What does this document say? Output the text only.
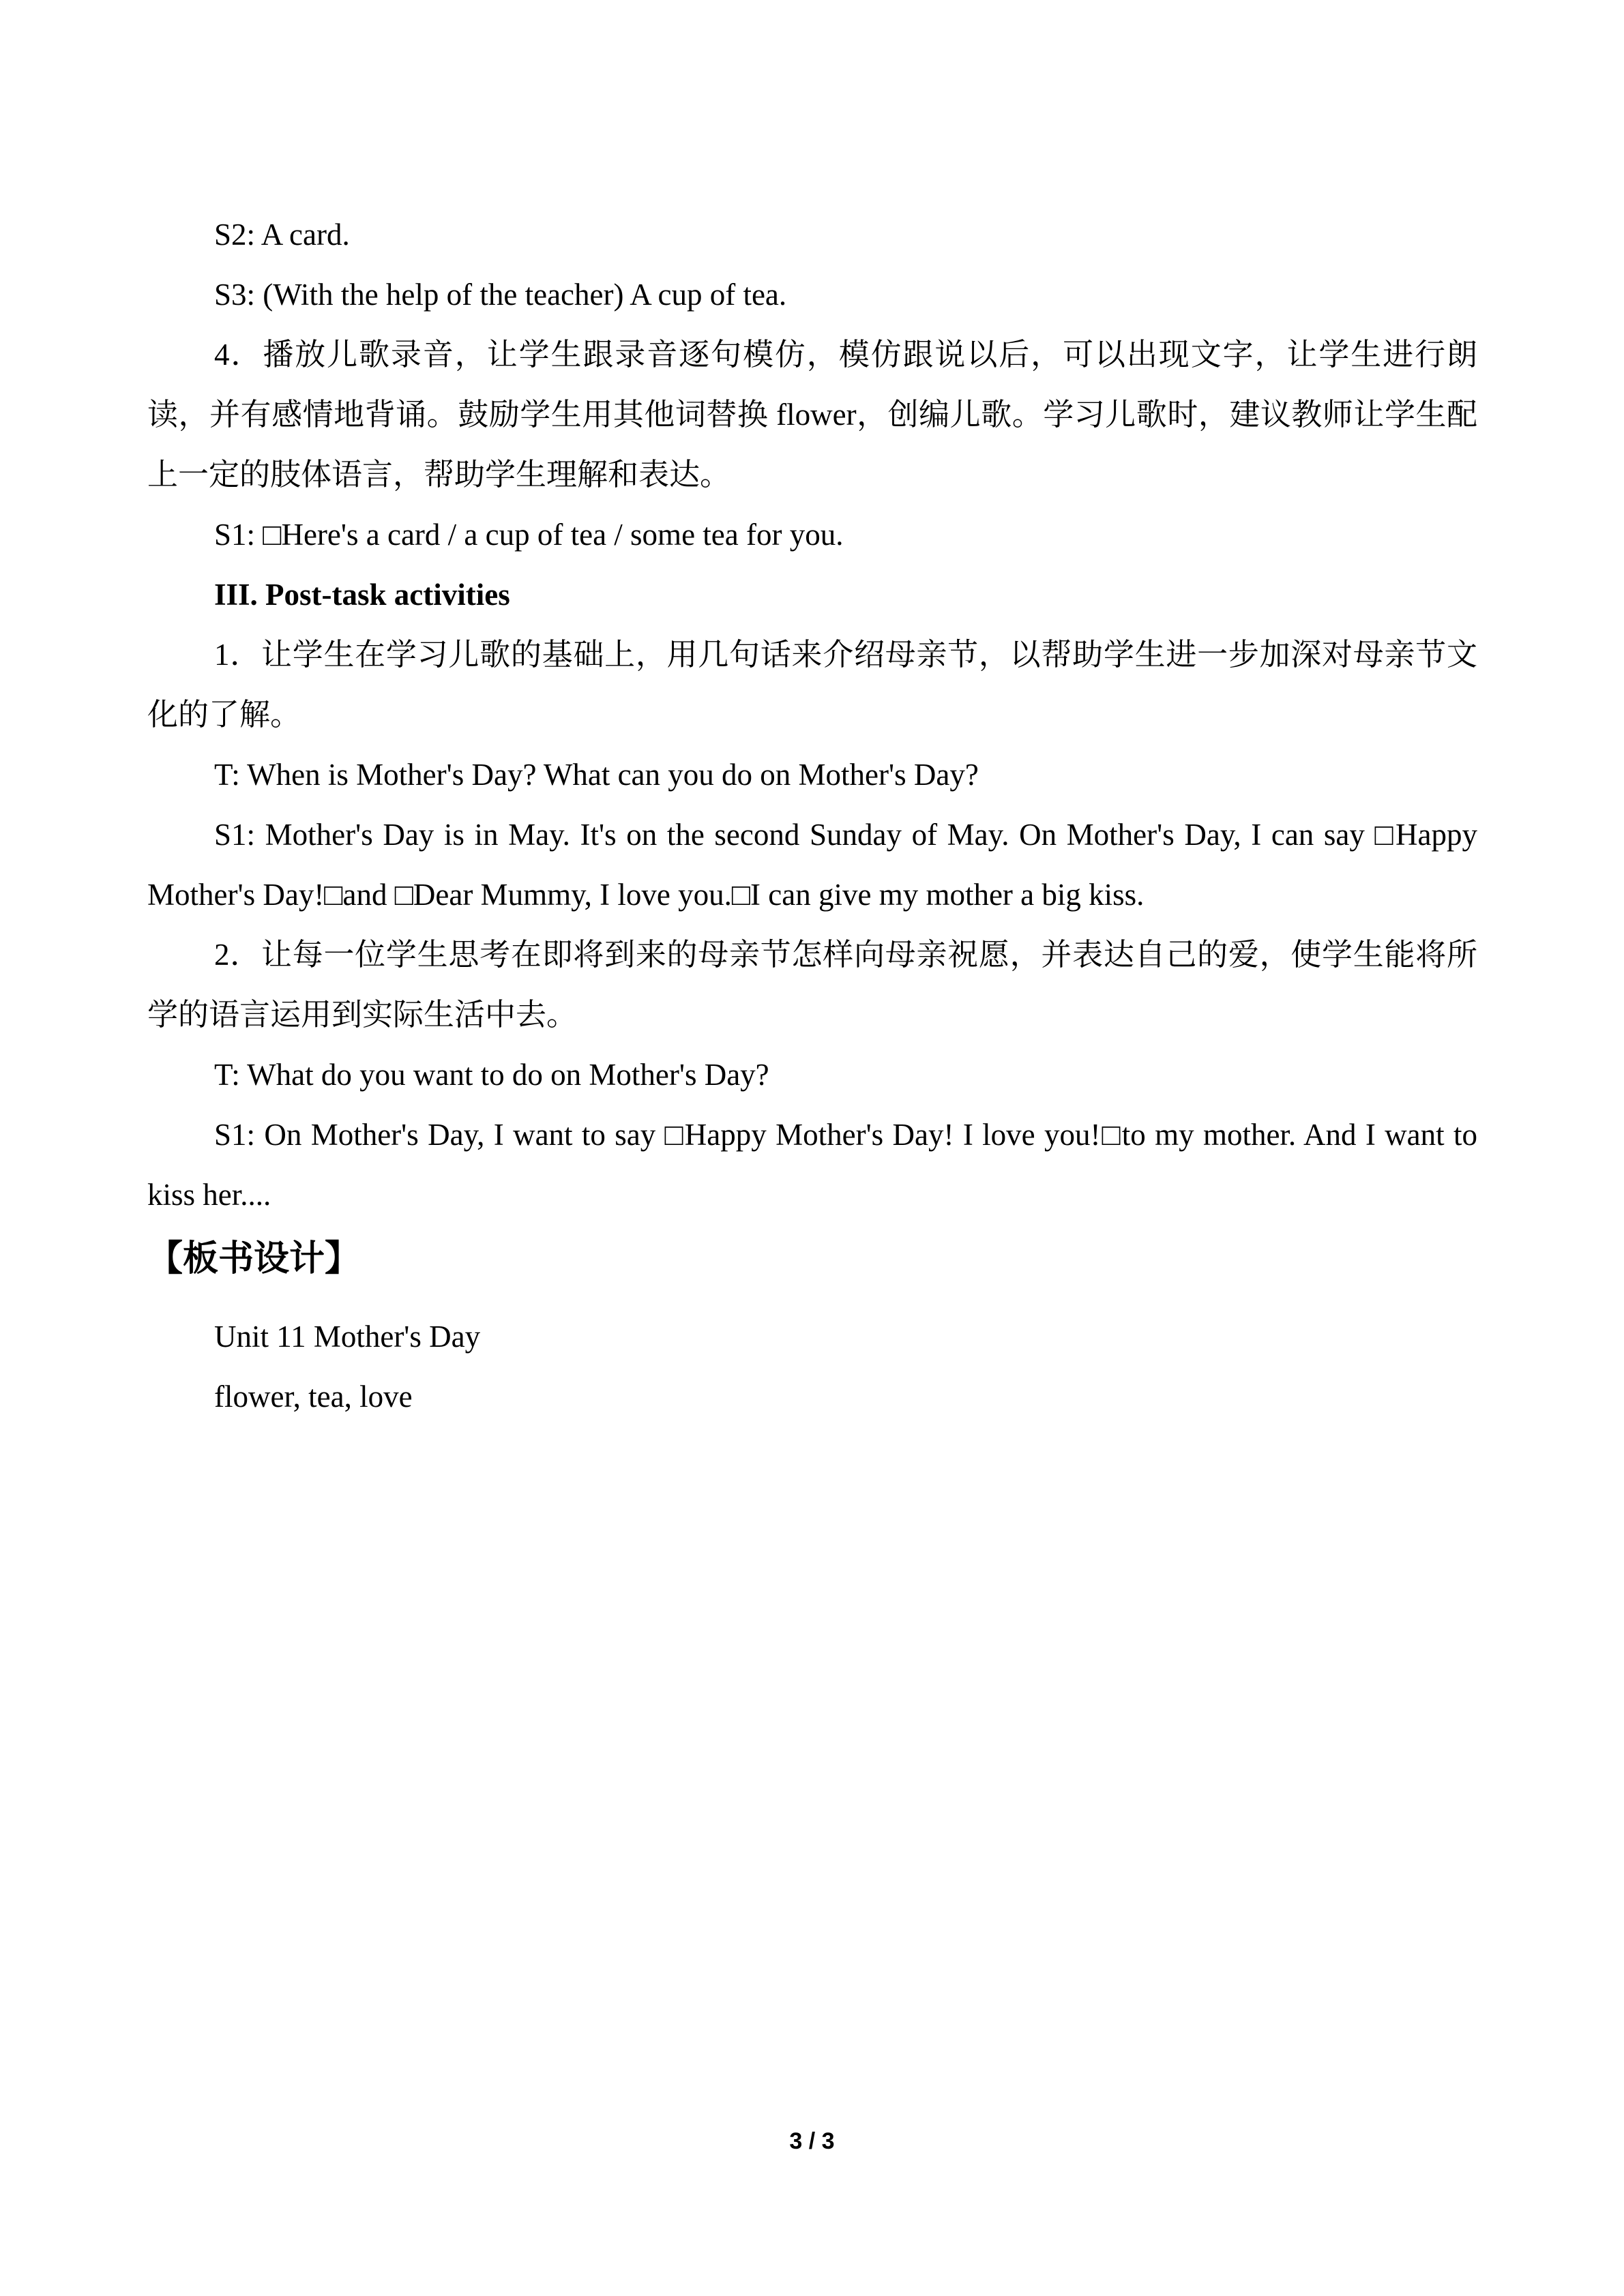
S2: A card.

S3: (With the help of the teacher) A cup of tea.

4．播放儿歌录音，让学生跟录音逐句模仿，模仿跟说以后，可以出现文字，让学生进行朗读，并有感情地背诵。鼓励学生用其他词替换 flower，创编儿歌。学习儿歌时，建议教师让学生配上一定的肢体语言，帮助学生理解和表达。

S1: □Here's a card / a cup of tea / some tea for you.

III. Post-task activities

1．让学生在学习儿歌的基础上，用几句话来介绍母亲节，以帮助学生进一步加深对母亲节文化的了解。

T: When is Mother's Day? What can you do on Mother's Day?

S1: Mother's Day is in May. It's on the second Sunday of May. On Mother's Day, I can say □Happy Mother's Day!□and □Dear Mummy, I love you.□I can give my mother a big kiss.

2．让每一位学生思考在即将到来的母亲节怎样向母亲祝愿，并表达自己的爱，使学生能将所学的语言运用到实际生活中去。

T: What do you want to do on Mother's Day?

S1: On Mother's Day, I want to say □Happy Mother's Day! I love you!□to my mother. And I want to kiss her....

【板书设计】

Unit 11 Mother's Day

flower, tea, love

3 / 3
